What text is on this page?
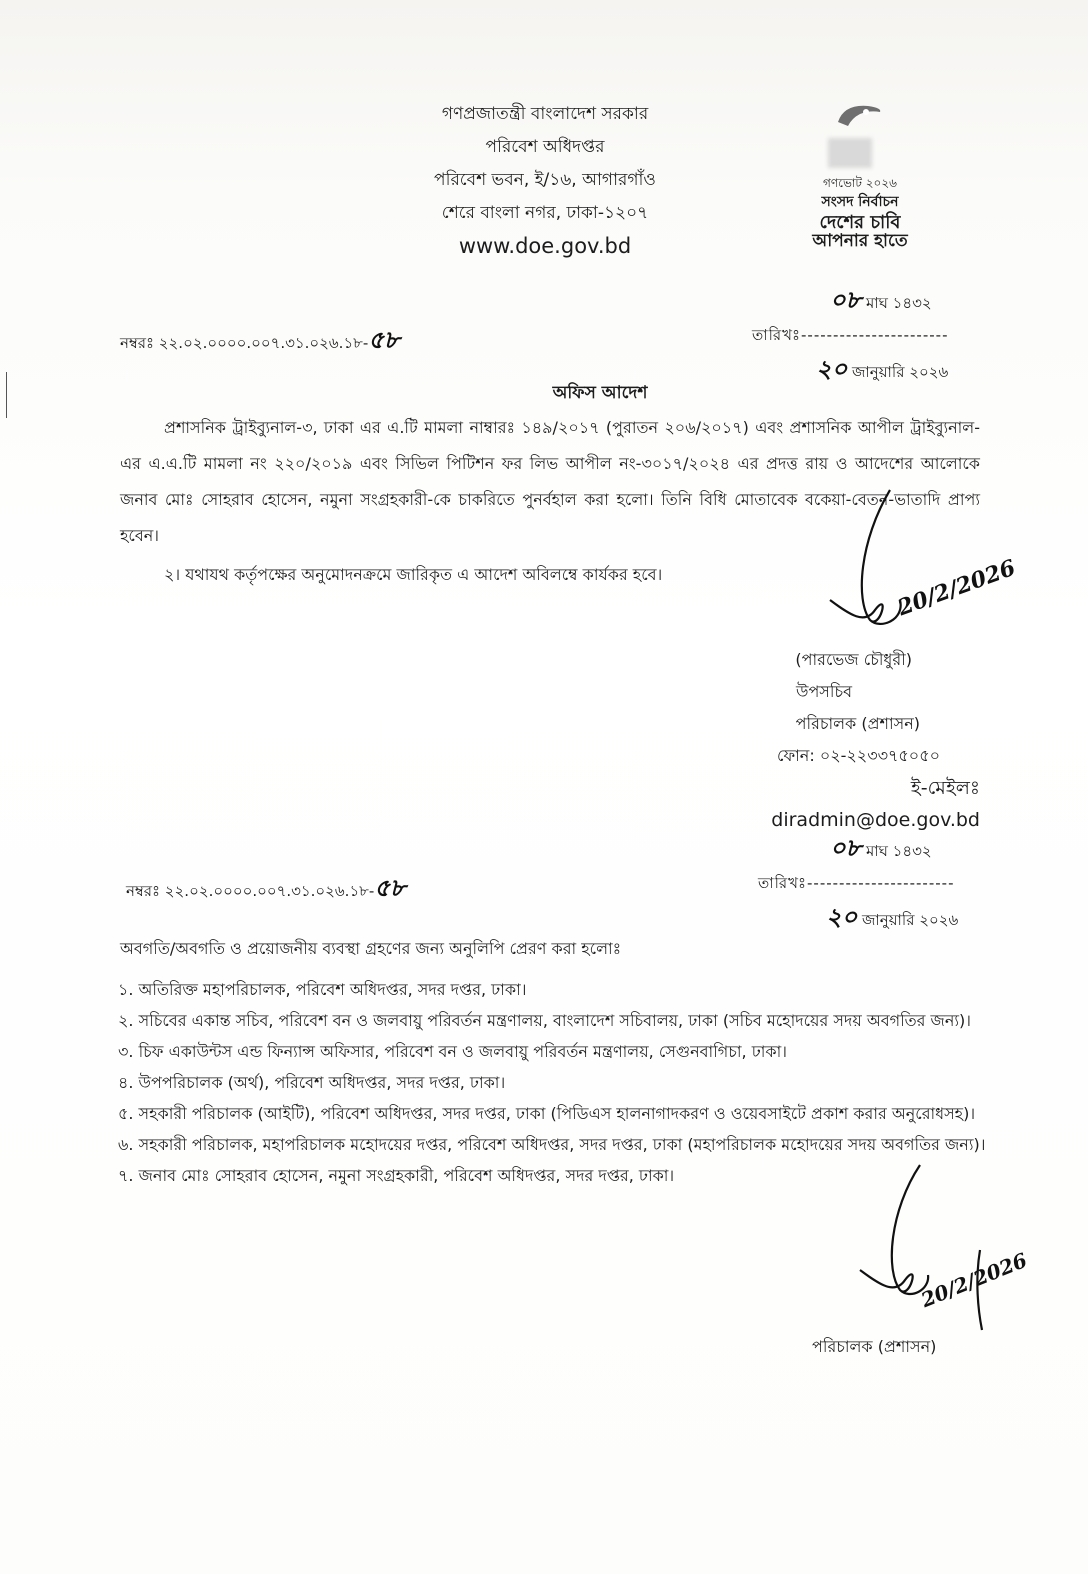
গণপ্রজাতন্ত্রী বাংলাদেশ সরকার
পরিবেশ অধিদপ্তর
পরিবেশ ভবন, ই/১৬, আগারগাঁও
শেরে বাংলা নগর, ঢাকা-১২০৭
www.doe.gov.bd
গণভোট ২০২৬
সংসদ নির্বাচন
দেশের চাবি
আপনার হাতে
নম্বরঃ ২২.০২.০০০০.০০৭.৩১.০২৬.১৮-৫৮
০৮ মাঘ ১৪৩২
তারিখঃ-----------------------
২০ জানুয়ারি ২০২৬
অফিস আদেশ
প্রশাসনিক ট্রাইব্যুনাল-৩, ঢাকা এর এ.টি মামলা নাম্বারঃ ১৪৯/২০১৭ (পুরাতন ২০৬/২০১৭) এবং প্রশাসনিক আপীল ট্রাইব্যুনাল-এর এ.এ.টি মামলা নং ২২০/২০১৯ এবং সিভিল পিটিশন ফর লিভ আপীল নং-৩০১৭/২০২৪ এর প্রদত্ত রায় ও আদেশের আলোকে জনাব মোঃ সোহরাব হোসেন, নমুনা সংগ্রহকারী-কে চাকরিতে পুনর্বহাল করা হলো। তিনি বিধি মোতাবেক বকেয়া-বেতন-ভাতাদি প্রাপ্য হবেন।
২। যথাযথ কর্তৃপক্ষের অনুমোদনক্রমে জারিকৃত এ আদেশ অবিলম্বে কার্যকর হবে।	20/2/2026
(পারভেজ চৌধুরী)
উপসচিব
পরিচালক (প্রশাসন)
ফোন: ০২-২২৩৩৭৫০৫০
ই-মেইলঃ diradmin@doe.gov.bd
নম্বরঃ ২২.০২.০০০০.০০৭.৩১.০২৬.১৮-৫৮
০৮ মাঘ ১৪৩২
তারিখঃ-----------------------
২০ জানুয়ারি ২০২৬
অবগতি/অবগতি ও প্রয়োজনীয় ব্যবস্থা গ্রহণের জন্য অনুলিপি প্রেরণ করা হলোঃ
১. অতিরিক্ত মহাপরিচালক, পরিবেশ অধিদপ্তর, সদর দপ্তর, ঢাকা।
২. সচিবের একান্ত সচিব, পরিবেশ বন ও জলবায়ু পরিবর্তন মন্ত্রণালয়, বাংলাদেশ সচিবালয়, ঢাকা (সচিব মহোদয়ের সদয় অবগতির জন্য)।
৩. চিফ একাউন্টস এন্ড ফিন্যান্স অফিসার, পরিবেশ বন ও জলবায়ু পরিবর্তন মন্ত্রণালয়, সেগুনবাগিচা, ঢাকা।
৪. উপপরিচালক (অর্থ), পরিবেশ অধিদপ্তর, সদর দপ্তর, ঢাকা।
৫. সহকারী পরিচালক (আইটি), পরিবেশ অধিদপ্তর, সদর দপ্তর, ঢাকা (পিডিএস হালনাগাদকরণ ও ওয়েবসাইটে প্রকাশ করার অনুরোধসহ)।
৬. সহকারী পরিচালক, মহাপরিচালক মহোদয়ের দপ্তর, পরিবেশ অধিদপ্তর, সদর দপ্তর, ঢাকা (মহাপরিচালক মহোদয়ের সদয় অবগতির জন্য)।
৭. জনাব মোঃ সোহরাব হোসেন, নমুনা সংগ্রহকারী, পরিবেশ অধিদপ্তর, সদর দপ্তর, ঢাকা।
20/2/2026
পরিচালক (প্রশাসন)
